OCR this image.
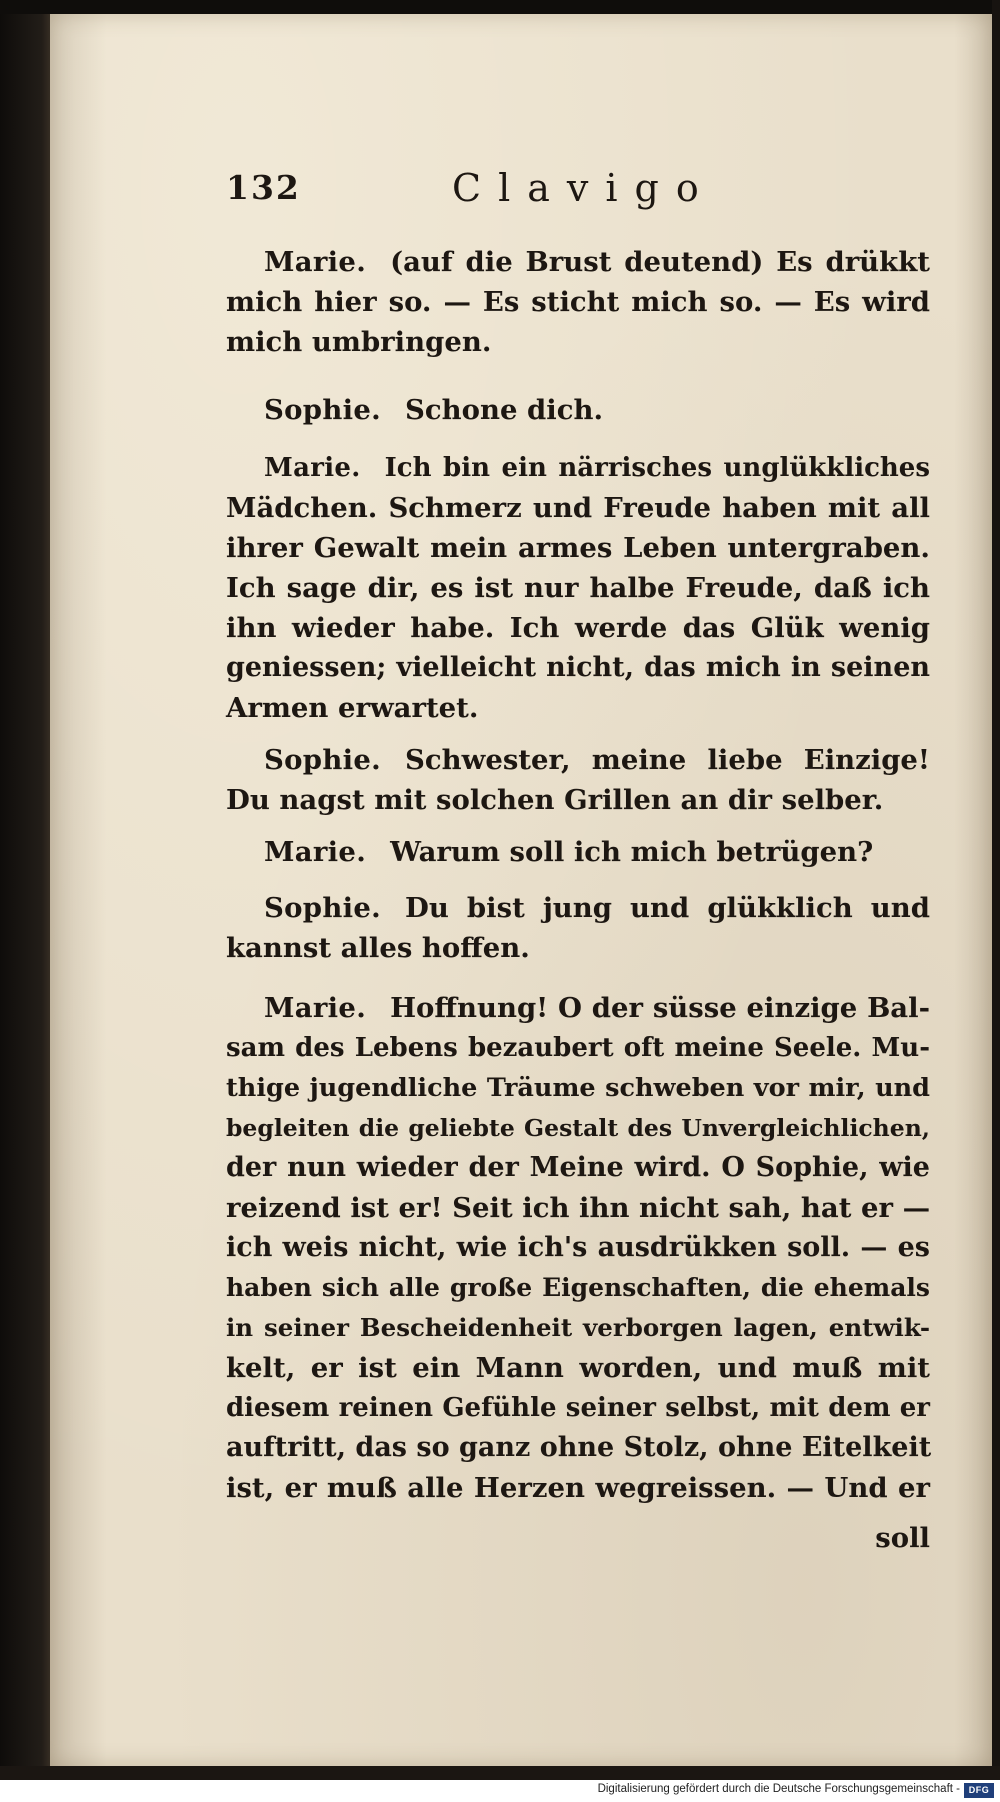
132	Clavigo
Marie. (auf die Brust deutend) Es drükkt
mich hier so. — Es sticht mich so. — Es wird
mich umbringen.
Sophie. Schone dich.
Marie. Ich bin ein närrisches unglükkliches
Mädchen. Schmerz und Freude haben mit all
ihrer Gewalt mein armes Leben untergraben.
Ich sage dir, es ist nur halbe Freude, daß ich
ihn wieder habe. Ich werde das Glük wenig
geniessen; vielleicht nicht, das mich in seinen
Armen erwartet.
Sophie. Schwester, meine liebe Einzige!
Du nagst mit solchen Grillen an dir selber.
Marie. Warum soll ich mich betrügen?
Sophie. Du bist jung und glükklich und
kannst alles hoffen.
Marie. Hoffnung! O der süsse einzige Bal-
sam des Lebens bezaubert oft meine Seele. Mu-
thige jugendliche Träume schweben vor mir, und
begleiten die geliebte Gestalt des Unvergleichlichen,
der nun wieder der Meine wird. O Sophie, wie
reizend ist er! Seit ich ihn nicht sah, hat er —
ich weis nicht, wie ich's ausdrükken soll. — es
haben sich alle große Eigenschaften, die ehemals
in seiner Bescheidenheit verborgen lagen, entwik-
kelt, er ist ein Mann worden, und muß mit
diesem reinen Gefühle seiner selbst, mit dem er
auftritt, das so ganz ohne Stolz, ohne Eitelkeit
ist, er muß alle Herzen wegreissen. — Und er
soll
Digitalisierung gefördert durch die Deutsche Forschungsgemeinschaft - DFG
